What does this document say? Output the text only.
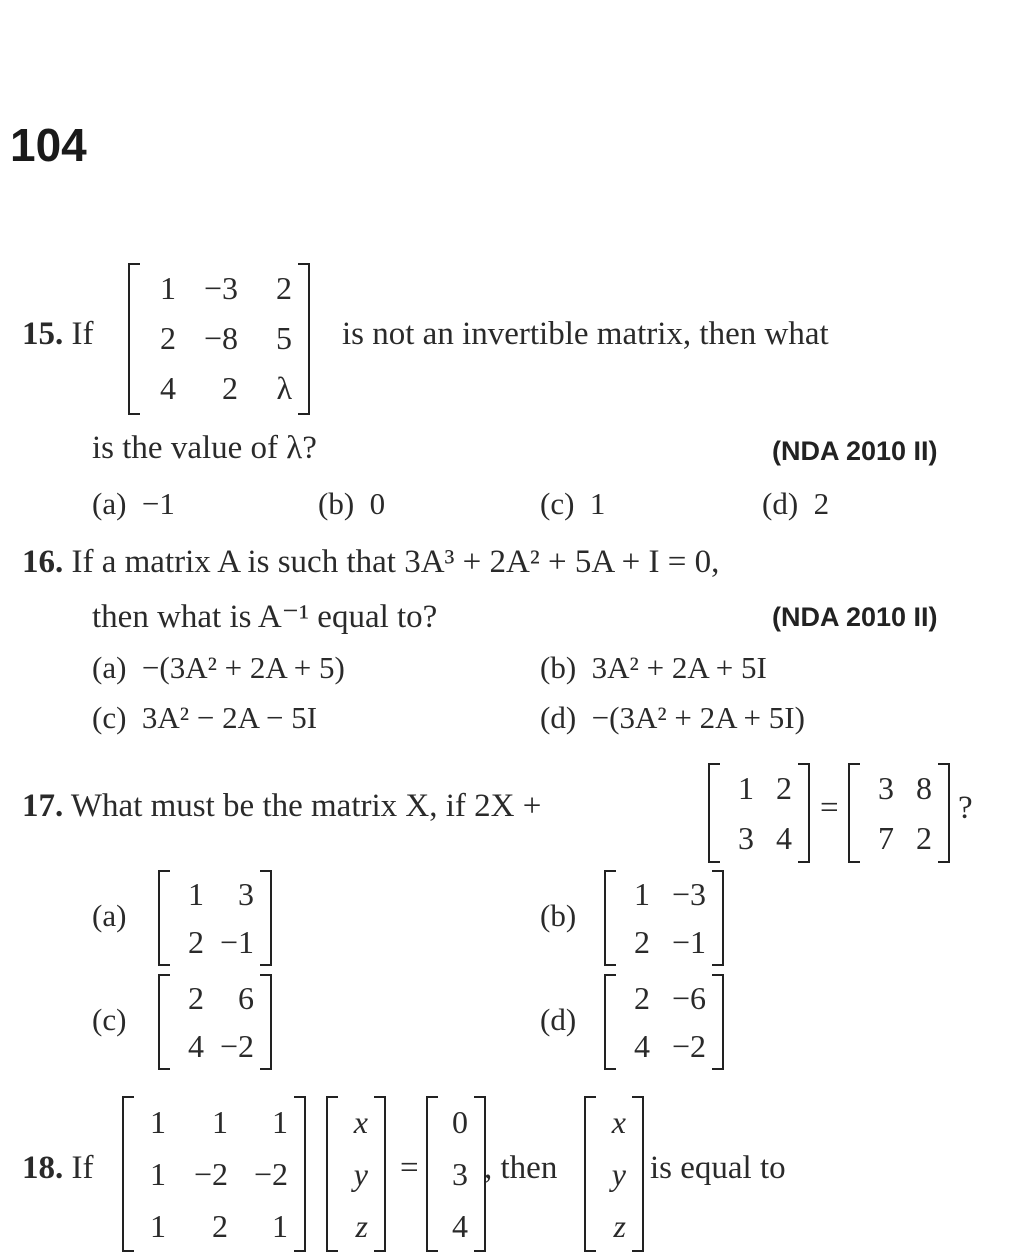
104
15. If
1 −3	2
2 −8	5
4	2	λ
is not an invertible matrix, then what
is the value of λ?	(NDA 2010 II)
(a) −1	(b) 0	(c) 1	(d) 2
16. If a matrix A is such that 3A³ + 2A² + 5A + I = 0,
then what is A⁻¹ equal to?	(NDA 2010 II)
(a) −(3A² + 2A + 5)	(b) 3A² + 2A + 5I
(c) 3A² − 2A − 5I	(d) −(3A² + 2A + 5I)
17. What must be the matrix X, if 2X +
1 2
3 4
=
3 8
7 2
?
(a)
1	3
2 −1
(b)
1 −3
2 −1
(c)
2	6
4 −2
(d)
2 −6
4 −2
18. If
1	1	1
1 −2 −2
1	2	1
x
y
z
=
0
3
4
, then
x
y
z
is equal to
